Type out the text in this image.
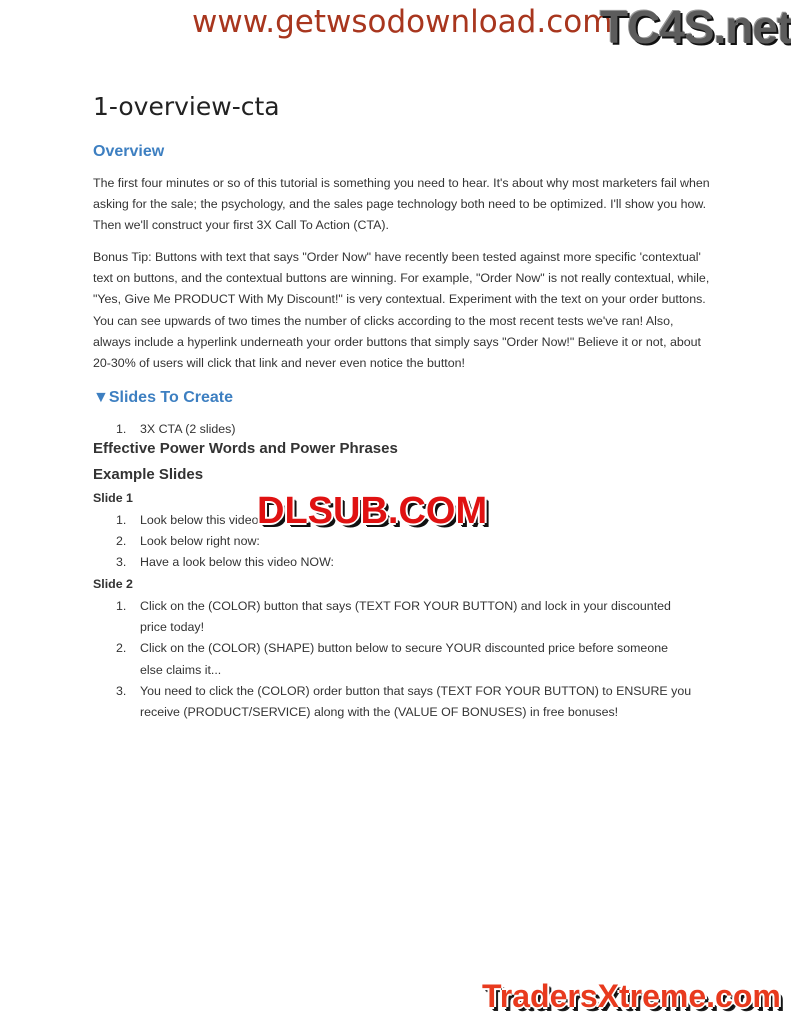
www.getwsodownload.com
TC4S.net
1-overview-cta
Overview

The first four minutes or so of this tutorial is something you need to hear. It's about why most marketers fail when asking for the sale; the psychology, and the sales page technology both need to be optimized. I'll show you how. Then we'll construct your first 3X Call To Action (CTA).

Bonus Tip: Buttons with text that says "Order Now" have recently been tested against more specific 'contextual' text on buttons, and the contextual buttons are winning. For example, "Order Now" is not really contextual, while, "Yes, Give Me PRODUCT With My Discount!" is very contextual. Experiment with the text on your order buttons. You can see upwards of two times the number of clicks according to the most recent tests we've ran! Also, always include a hyperlink underneath your order buttons that simply says "Order Now!" Believe it or not, about 20-30% of users will click that link and never even notice the button!

▼Slides To Create
1. 3X CTA (2 slides)
Effective Power Words and Power Phrases
Example Slides
Slide 1
1. Look below this video
2. Look below right now:
3. Have a look below this video NOW:
Slide 2
1. Click on the (COLOR) button that says (TEXT FOR YOUR BUTTON) and lock in your discounted price today!
2. Click on the (COLOR) (SHAPE) button below to secure YOUR discounted price before someone else claims it...
3. You need to click the (COLOR) order button that says (TEXT FOR YOUR BUTTON) to ENSURE you receive (PRODUCT/SERVICE) along with the (VALUE OF BONUSES) in free bonuses!
DLSUB.COM
TradersXtreme.com
